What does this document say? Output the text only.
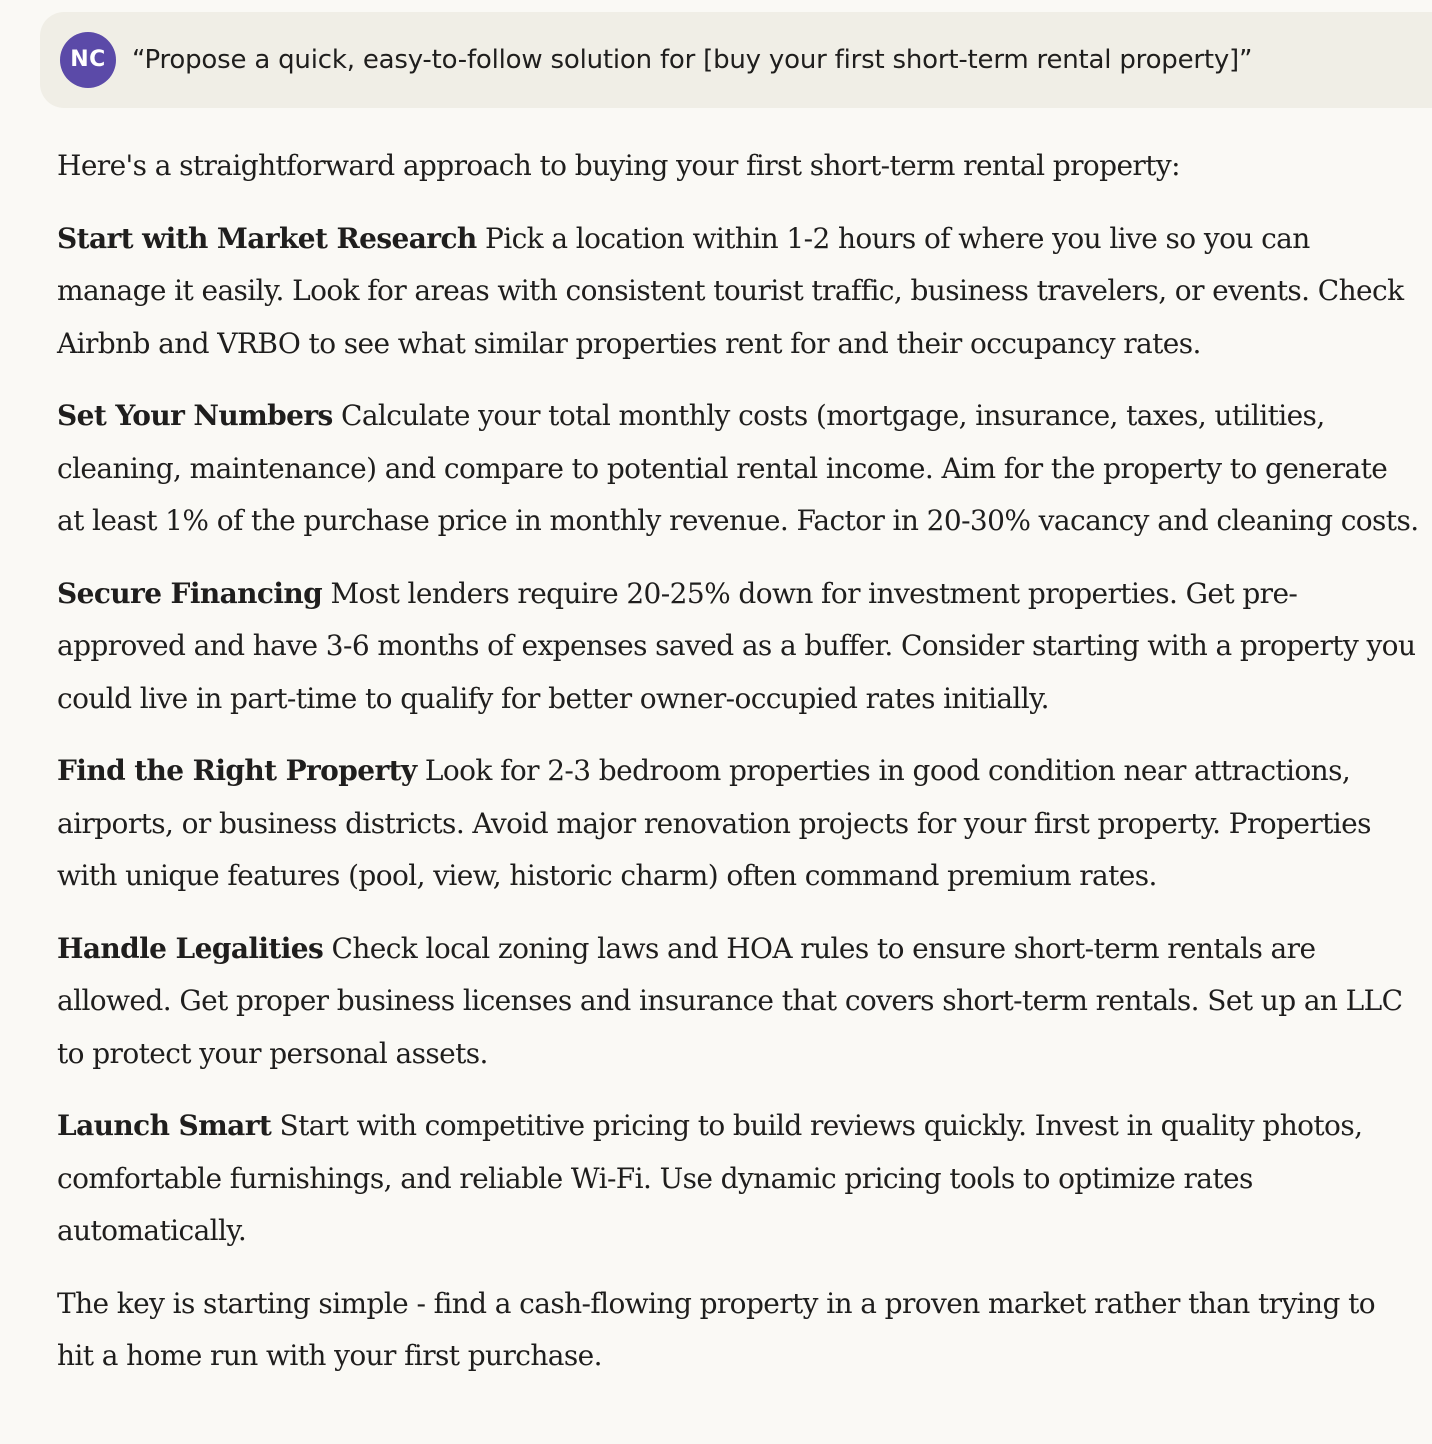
NC	“Propose a quick, easy-to-follow solution for [buy your first short-term rental property]”

Here's a straightforward approach to buying your first short-term rental property:

Start with Market Research Pick a location within 1-2 hours of where you live so you can manage it easily. Look for areas with consistent tourist traffic, business travelers, or events. Check Airbnb and VRBO to see what similar properties rent for and their occupancy rates.

Set Your Numbers Calculate your total monthly costs (mortgage, insurance, taxes, utilities, cleaning, maintenance) and compare to potential rental income. Aim for the property to generate at least 1% of the purchase price in monthly revenue. Factor in 20-30% vacancy and cleaning costs.

Secure Financing Most lenders require 20-25% down for investment properties. Get pre-approved and have 3-6 months of expenses saved as a buffer. Consider starting with a property you could live in part-time to qualify for better owner-occupied rates initially.

Find the Right Property Look for 2-3 bedroom properties in good condition near attractions, airports, or business districts. Avoid major renovation projects for your first property. Properties with unique features (pool, view, historic charm) often command premium rates.

Handle Legalities Check local zoning laws and HOA rules to ensure short-term rentals are allowed. Get proper business licenses and insurance that covers short-term rentals. Set up an LLC to protect your personal assets.

Launch Smart Start with competitive pricing to build reviews quickly. Invest in quality photos, comfortable furnishings, and reliable Wi-Fi. Use dynamic pricing tools to optimize rates automatically.

The key is starting simple - find a cash-flowing property in a proven market rather than trying to hit a home run with your first purchase.
